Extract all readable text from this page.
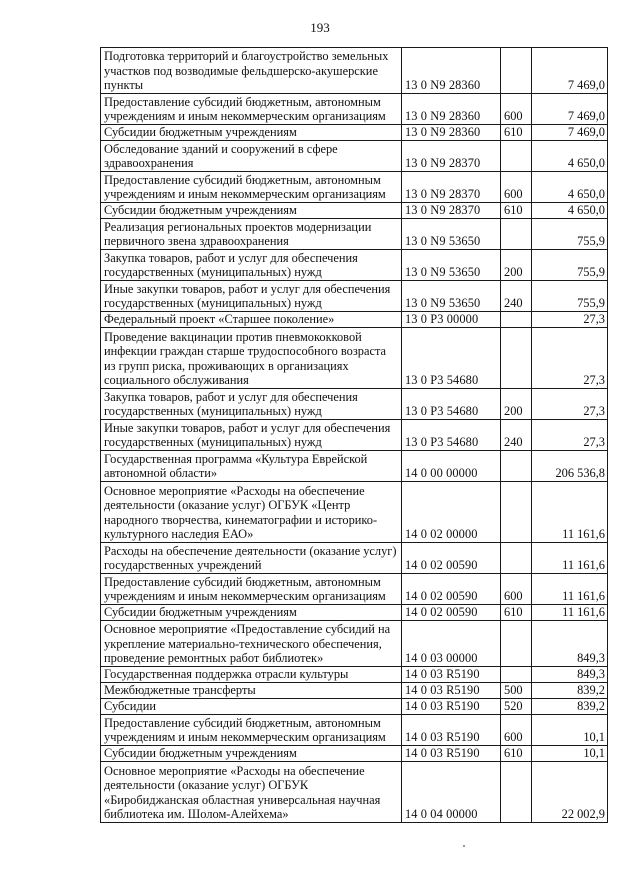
193
Подготовка территорий и благоустройство земельных участков под возводимые фельдшерско-акушерские пункты	13 0 N9 28360		7 469,0
Предоставление субсидий бюджетным, автономным учреждениям и иным некоммерческим организациям	13 0 N9 28360	600	7 469,0
Субсидии бюджетным учреждениям	13 0 N9 28360	610	7 469,0
Обследование зданий и сооружений в сфере здравоохранения	13 0 N9 28370		4 650,0
Предоставление субсидий бюджетным, автономным учреждениям и иным некоммерческим организациям	13 0 N9 28370	600	4 650,0
Субсидии бюджетным учреждениям	13 0 N9 28370	610	4 650,0
Реализация региональных проектов модернизации первичного звена здравоохранения	13 0 N9 53650		755,9
Закупка товаров, работ и услуг для обеспечения государственных (муниципальных) нужд	13 0 N9 53650	200	755,9
Иные закупки товаров, работ и услуг для обеспечения государственных (муниципальных) нужд	13 0 N9 53650	240	755,9
Федеральный проект «Старшее поколение»	13 0 P3 00000		27,3
Проведение вакцинации против пневмококковой инфекции граждан старше трудоспособного возраста из групп риска, проживающих в организациях социального обслуживания	13 0 P3 54680		27,3
Закупка товаров, работ и услуг для обеспечения государственных (муниципальных) нужд	13 0 P3 54680	200	27,3
Иные закупки товаров, работ и услуг для обеспечения государственных (муниципальных) нужд	13 0 P3 54680	240	27,3
Государственная программа «Культура Еврейской автономной области»	14 0 00 00000		206 536,8
Основное мероприятие «Расходы на обеспечение деятельности (оказание услуг) ОГБУК «Центр народного творчества, кинематографии и историко-культурного наследия ЕАО»	14 0 02 00000		11 161,6
Расходы на обеспечение деятельности (оказание услуг) государственных учреждений	14 0 02 00590		11 161,6
Предоставление субсидий бюджетным, автономным учреждениям и иным некоммерческим организациям	14 0 02 00590	600	11 161,6
Субсидии бюджетным учреждениям	14 0 02 00590	610	11 161,6
Основное мероприятие «Предоставление субсидий на укрепление материально-технического обеспечения, проведение ремонтных работ библиотек»	14 0 03 00000		849,3
Государственная поддержка отрасли культуры	14 0 03 R5190		849,3
Межбюджетные трансферты	14 0 03 R5190	500	839,2
Субсидии	14 0 03 R5190	520	839,2
Предоставление субсидий бюджетным, автономным учреждениям и иным некоммерческим организациям	14 0 03 R5190	600	10,1
Субсидии бюджетным учреждениям	14 0 03 R5190	610	10,1
Основное мероприятие «Расходы на обеспечение деятельности (оказание услуг) ОГБУК «Биробиджанская областная универсальная научная библиотека им. Шолом-Алейхема»	14 0 04 00000		22 002,9
